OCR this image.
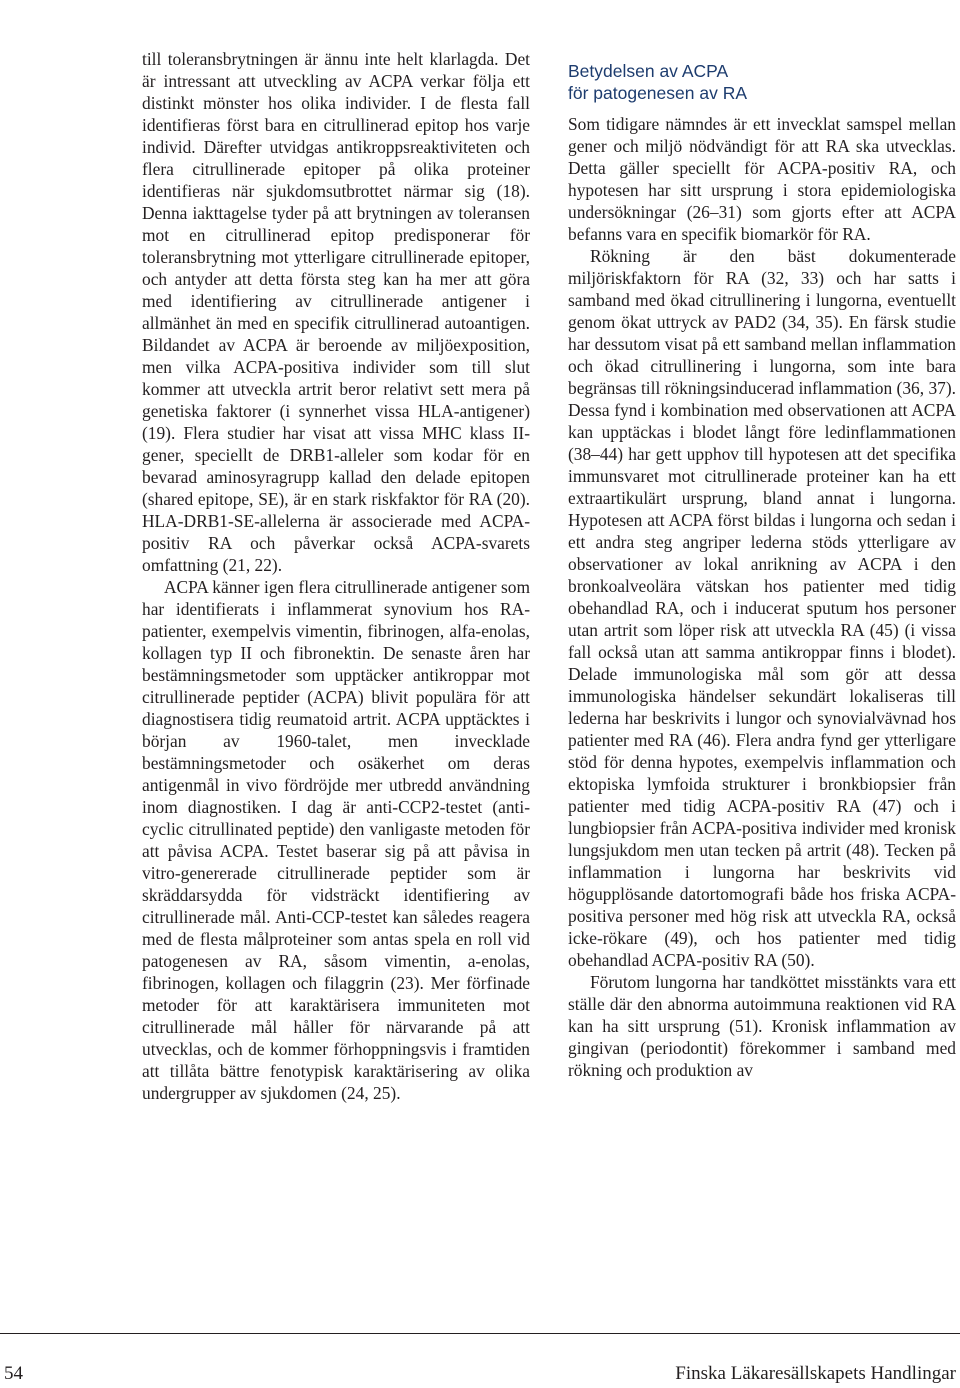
till toleransbrytningen är ännu inte helt klarlagda. Det är intressant att utveckling av ACPA verkar följa ett distinkt mönster hos olika individer. I de flesta fall identifieras först bara en citrullinerad epitop hos varje individ. Därefter utvidgas antikroppsreaktiviteten och flera citrullinerade epitoper på olika proteiner identifieras när sjukdomsutbrottet närmar sig (18). Denna iakttagelse tyder på att brytningen av toleransen mot en citrullinerad epitop predisponerar för toleransbrytning mot ytterligare citrullinerade epitoper, och antyder att detta första steg kan ha mer att göra med identifiering av citrullinerade antigener i allmänhet än med en specifik citrullinerad autoantigen. Bildandet av ACPA är beroende av miljöexposition, men vilka ACPA-positiva individer som till slut kommer att utveckla artrit beror relativt sett mera på genetiska faktorer (i synnerhet vissa HLA-antigener) (19). Flera studier har visat att vissa MHC klass II-gener, speciellt de DRB1-alleler som kodar för en bevarad aminosyragrupp kallad den delade epitopen (shared epitope, SE), är en stark riskfaktor för RA (20). HLA-DRB1-SE-allelerna är associerade med ACPA-positiv RA och påverkar också ACPA-svarets omfattning (21, 22).

ACPA känner igen flera citrullinerade antigener som har identifierats i inflammerat synovium hos RA-patienter, exempelvis vimentin, fibrinogen, alfa-enolas, kollagen typ II och fibronektin. De senaste åren har bestämningsmetoder som upptäcker antikroppar mot citrullinerade peptider (ACPA) blivit populära för att diagnostisera tidig reumatoid artrit. ACPA upptäcktes i början av 1960-talet, men invecklade bestämningsmetoder och osäkerhet om deras antigenmål in vivo fördröjde mer utbredd användning inom diagnostiken. I dag är anti-CCP2-testet (anti-cyclic citrullinated peptide) den vanligaste metoden för att påvisa ACPA. Testet baserar sig på att påvisa in vitro-genererade citrullinerade peptider som är skräddarsydda för vidsträckt identifiering av citrullinerade mål. Anti-CCP-testet kan således reagera med de flesta målproteiner som antas spela en roll vid patogenesen av RA, såsom vimentin, a-enolas, fibrinogen, kollagen och filaggrin (23). Mer förfinade metoder för att karaktärisera immuniteten mot citrullinerade mål håller för närvarande på att utvecklas, och de kommer förhoppningsvis i framtiden att tillåta bättre fenotypisk karaktärisering av olika undergrupper av sjukdomen (24, 25).

Betydelsen av ACPA
för patogenesen av RA

Som tidigare nämndes är ett invecklat samspel mellan gener och miljö nödvändigt för att RA ska utvecklas. Detta gäller speciellt för ACPA-positiv RA, och hypotesen har sitt ursprung i stora epidemiologiska undersökningar (26–31) som gjorts efter att ACPA befanns vara en specifik biomarkör för RA.

Rökning är den bäst dokumenterade miljöriskfaktorn för RA (32, 33) och har satts i samband med ökad citrullinering i lungorna, eventuellt genom ökat uttryck av PAD2 (34, 35). En färsk studie har dessutom visat på ett samband mellan inflammation och ökad citrullinering i lungorna, som inte bara begränsas till rökningsinducerad inflammation (36, 37). Dessa fynd i kombination med observationen att ACPA kan upptäckas i blodet långt före ledinflammationen (38–44) har gett upphov till hypotesen att det specifika immunsvaret mot citrullinerade proteiner kan ha ett extraartikulärt ursprung, bland annat i lungorna. Hypotesen att ACPA först bildas i lungorna och sedan i ett andra steg angriper lederna stöds ytterligare av observationer av lokal anrikning av ACPA i den bronkoalveolära vätskan hos patienter med tidig obehandlad RA, och i inducerat sputum hos personer utan artrit som löper risk att utveckla RA (45) (i vissa fall också utan att samma antikroppar finns i blodet). Delade immunologiska mål som gör att dessa immunologiska händelser sekundärt lokaliseras till lederna har beskrivits i lungor och synovialvävnad hos patienter med RA (46). Flera andra fynd ger ytterligare stöd för denna hypotes, exempelvis inflammation och ektopiska lymfoida strukturer i bronkbiopsier från patienter med tidig ACPA-positiv RA (47) och i lungbiopsier från ACPA-positiva individer med kronisk lungsjukdom men utan tecken på artrit (48). Tecken på inflammation i lungorna har beskrivits vid högupplösande datortomografi både hos friska ACPA-positiva personer med hög risk att utveckla RA, också icke-rökare (49), och hos patienter med tidig obehandlad ACPA-positiv RA (50).

Förutom lungorna har tandköttet misstänkts vara ett ställe där den abnorma autoimmuna reaktionen vid RA kan ha sitt ursprung (51). Kronisk inflammation av gingivan (periodontit) förekommer i samband med rökning och produktion av

54	Finska Läkaresällskapets Handlingar
